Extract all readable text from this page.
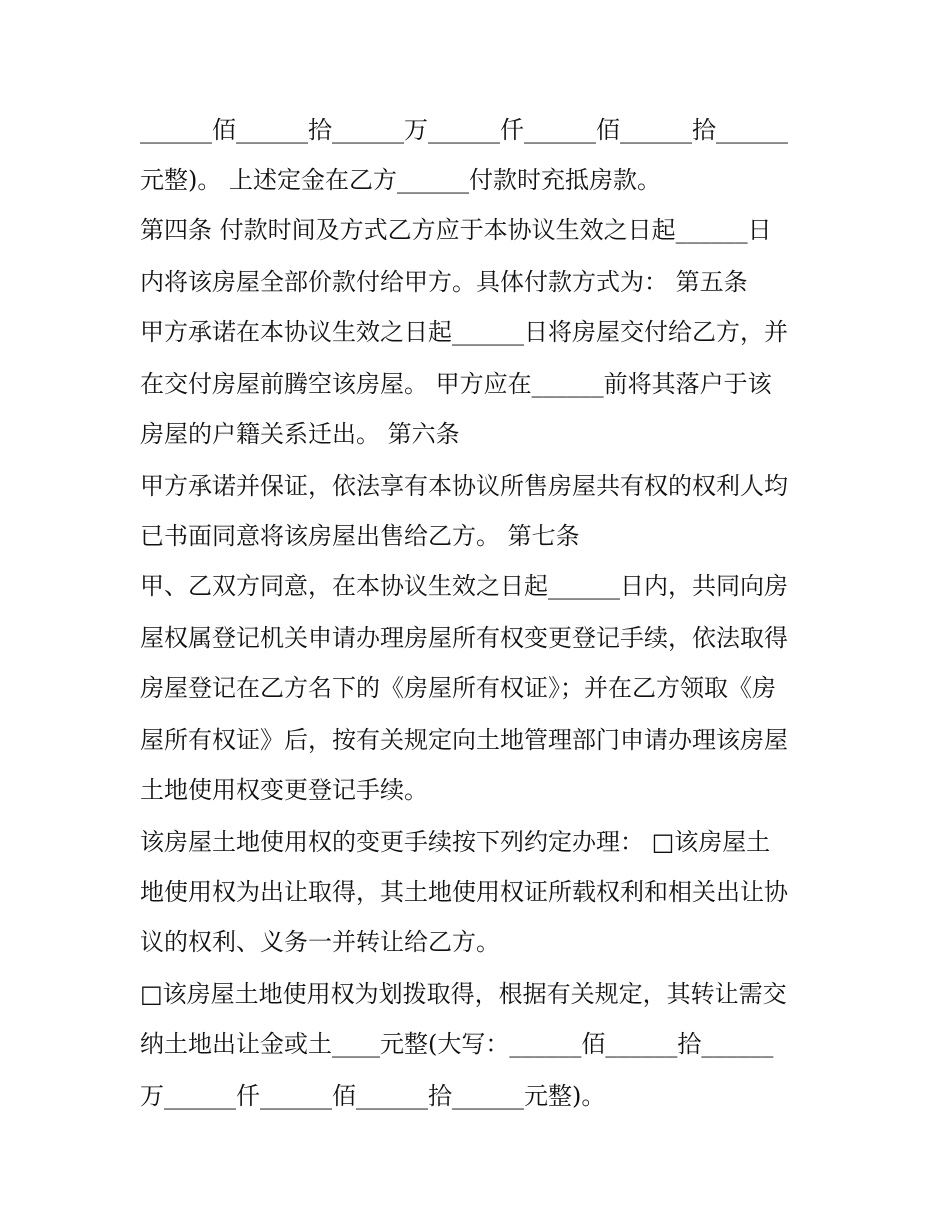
______佰______拾______万______仟______佰______拾______
元整)。 上述定金在乙方______付款时充抵房款。
第四条 付款时间及方式乙方应于本协议生效之日起______日
内将该房屋全部价款付给甲方。具体付款方式为： 第五条
甲方承诺在本协议生效之日起______日将房屋交付给乙方，并
在交付房屋前腾空该房屋。 甲方应在______前将其落户于该
房屋的户籍关系迁出。 第六条
甲方承诺并保证，依法享有本协议所售房屋共有权的权利人均
已书面同意将该房屋出售给乙方。 第七条
甲、乙双方同意，在本协议生效之日起______日内，共同向房
屋权属登记机关申请办理房屋所有权变更登记手续，依法取得
房屋登记在乙方名下的《房屋所有权证》；并在乙方领取《房
屋所有权证》后，按有关规定向土地管理部门申请办理该房屋
土地使用权变更登记手续。
该房屋土地使用权的变更手续按下列约定办理： □该房屋土
地使用权为出让取得，其土地使用权证所载权利和相关出让协
议的权利、义务一并转让给乙方。
□该房屋土地使用权为划拨取得，根据有关规定，其转让需交
纳土地出让金或土____元整(大写：______佰______拾______
万______仟______佰______拾______元整)。
